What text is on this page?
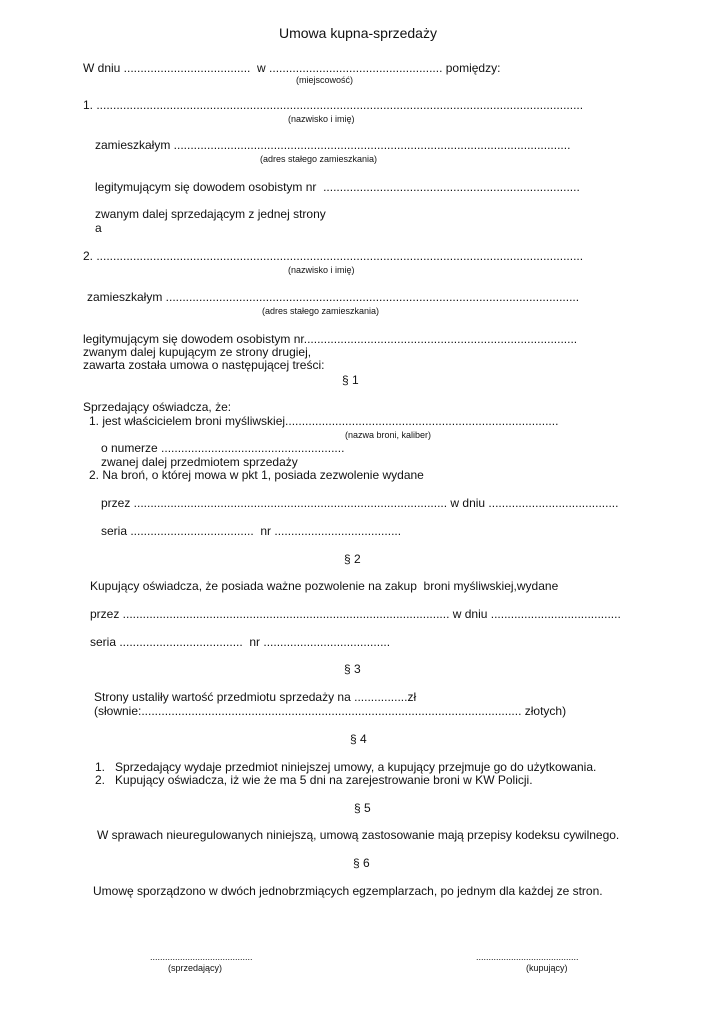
Umowa kupna-sprzedaży
W dniu ......................................  w .................................................... pomiędzy:
(miejscowość)
1. ..................................................................................................................................................
(nazwisko i imię)
zamieszkałym .......................................................................................................................
(adres stałego zamieszkania)
legitymującym się dowodem osobistym nr  .............................................................................
zwanym dalej sprzedającym z jednej strony
a
2. ..................................................................................................................................................
(nazwisko i imię)
zamieszkałym ............................................................................................................................
(adres stałego zamieszkania)
legitymującym się dowodem osobistym nr..................................................................................
zwanym dalej kupującym ze strony drugiej,
zawarta została umowa o następującej treści:
§ 1
Sprzedający oświadcza, że:
1. jest właścicielem broni myśliwskiej..................................................................................
(nazwa broni, kaliber)
o numerze .......................................................
zwanej dalej przedmiotem sprzedaży
2. Na broń, o której mowa w pkt 1, posiada zezwolenie wydane
przez .............................................................................................. w dniu .......................................
seria .....................................  nr ......................................
§ 2
Kupujący oświadcza, że posiada ważne pozwolenie na zakup  broni myśliwskiej,wydane
przez .................................................................................................. w dniu .......................................
seria .....................................  nr ......................................
§ 3
Strony ustaliły wartość przedmiotu sprzedaży na ................zł
(słownie:.................................................................................................................. złotych)
§ 4
1.   Sprzedający wydaje przedmiot niniejszej umowy, a kupujący przejmuje go do użytkowania.
2.   Kupujący oświadcza, iż wie że ma 5 dni na zarejestrowanie broni w KW Policji.
§ 5
W sprawach nieuregulowanych niniejszą, umową zastosowanie mają przepisy kodeksu cywilnego.
§ 6
Umowę sporządzono w dwóch jednobrzmiących egzemplarzach, po jednym dla każdej ze stron.
.........................................
(sprzedający)
.........................................
(kupujący)
